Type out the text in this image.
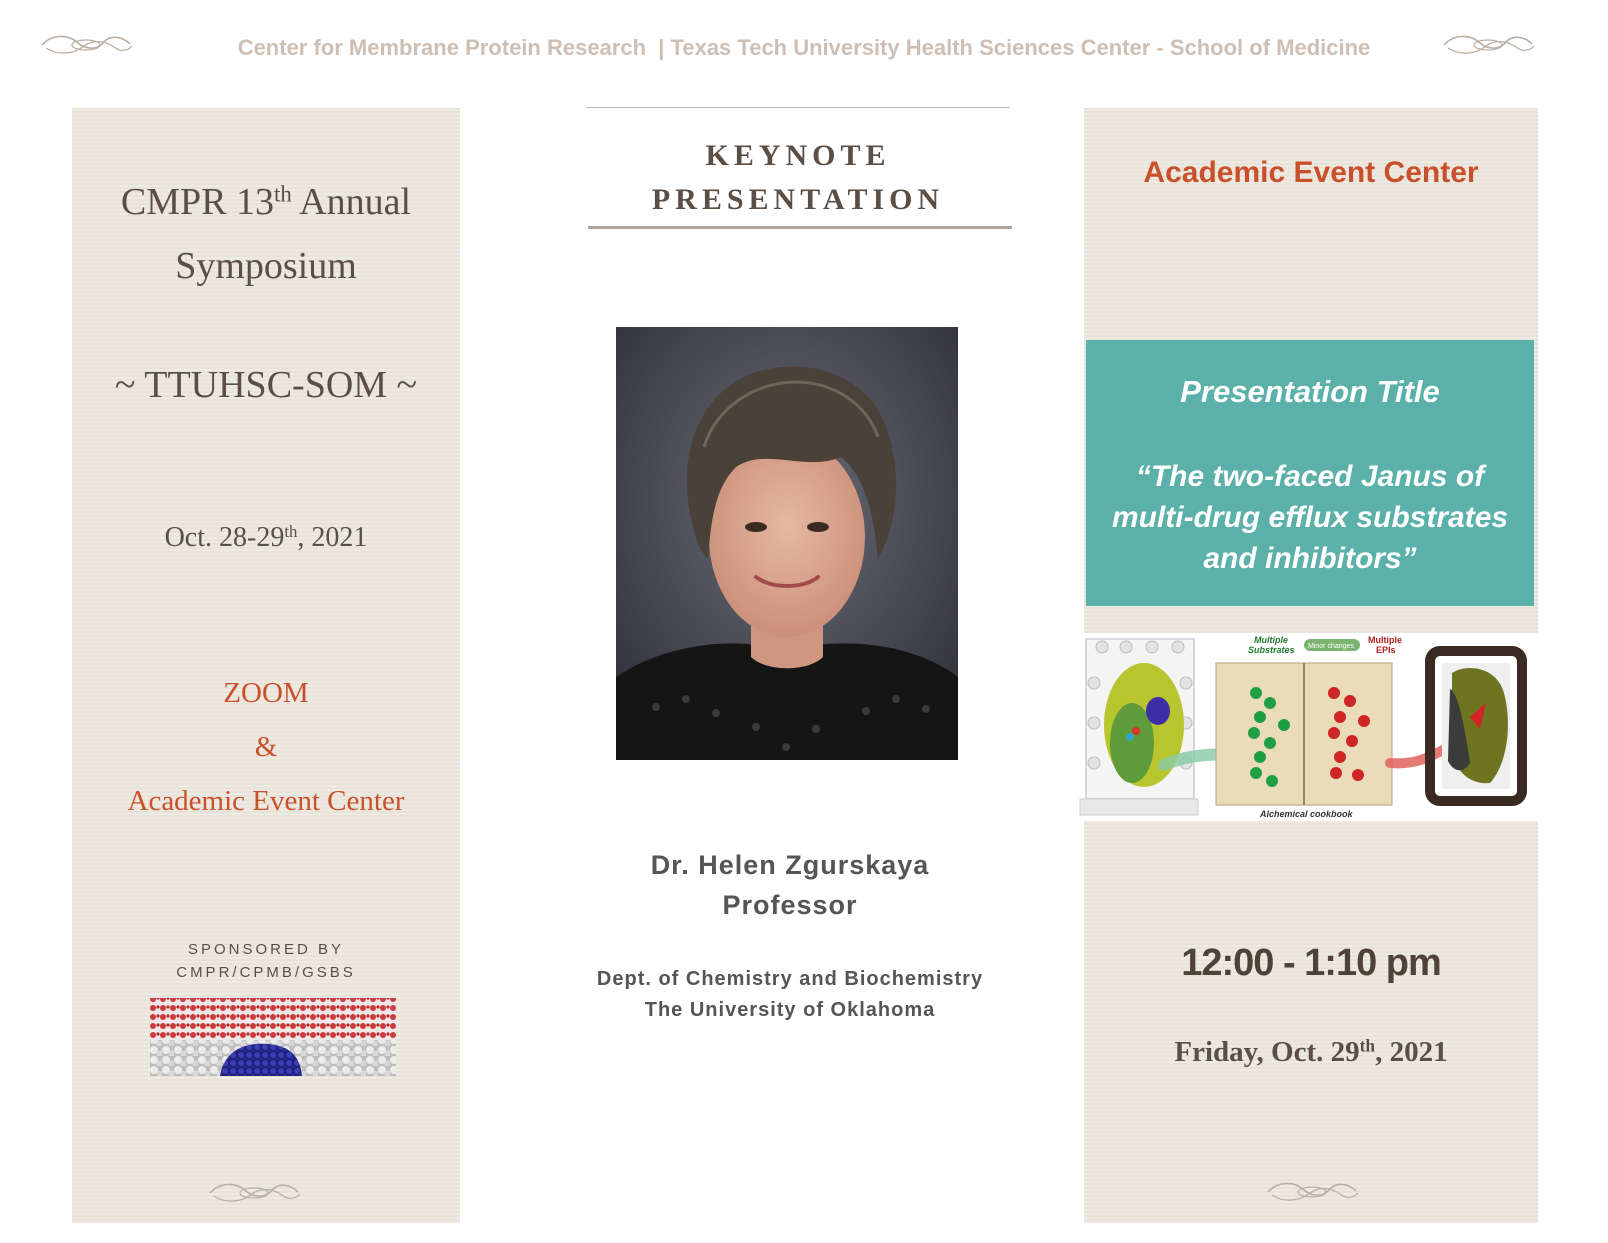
Center for Membrane Protein Research | Texas Tech University Health Sciences Center - School of Medicine
CMPR 13th Annual
Symposium
~ TTUHSC-SOM ~
Oct. 28-29th, 2021
ZOOM
&
Academic Event Center
SPONSORED BY
CMPR/CPMB/GSBS
KEYNOTE
PRESENTATION
Dr. Helen Zgurskaya
Professor
Dept. of Chemistry and Biochemistry
The University of Oklahoma
Academic Event Center
Presentation Title
“The two-faced Janus of
multi-drug efflux substrates
and inhibitors”
Multiple
Substrates Minor changes
Multiple
EPIs
Alchemical cookbook
12:00 - 1:10 pm
Friday, Oct. 29th, 2021
